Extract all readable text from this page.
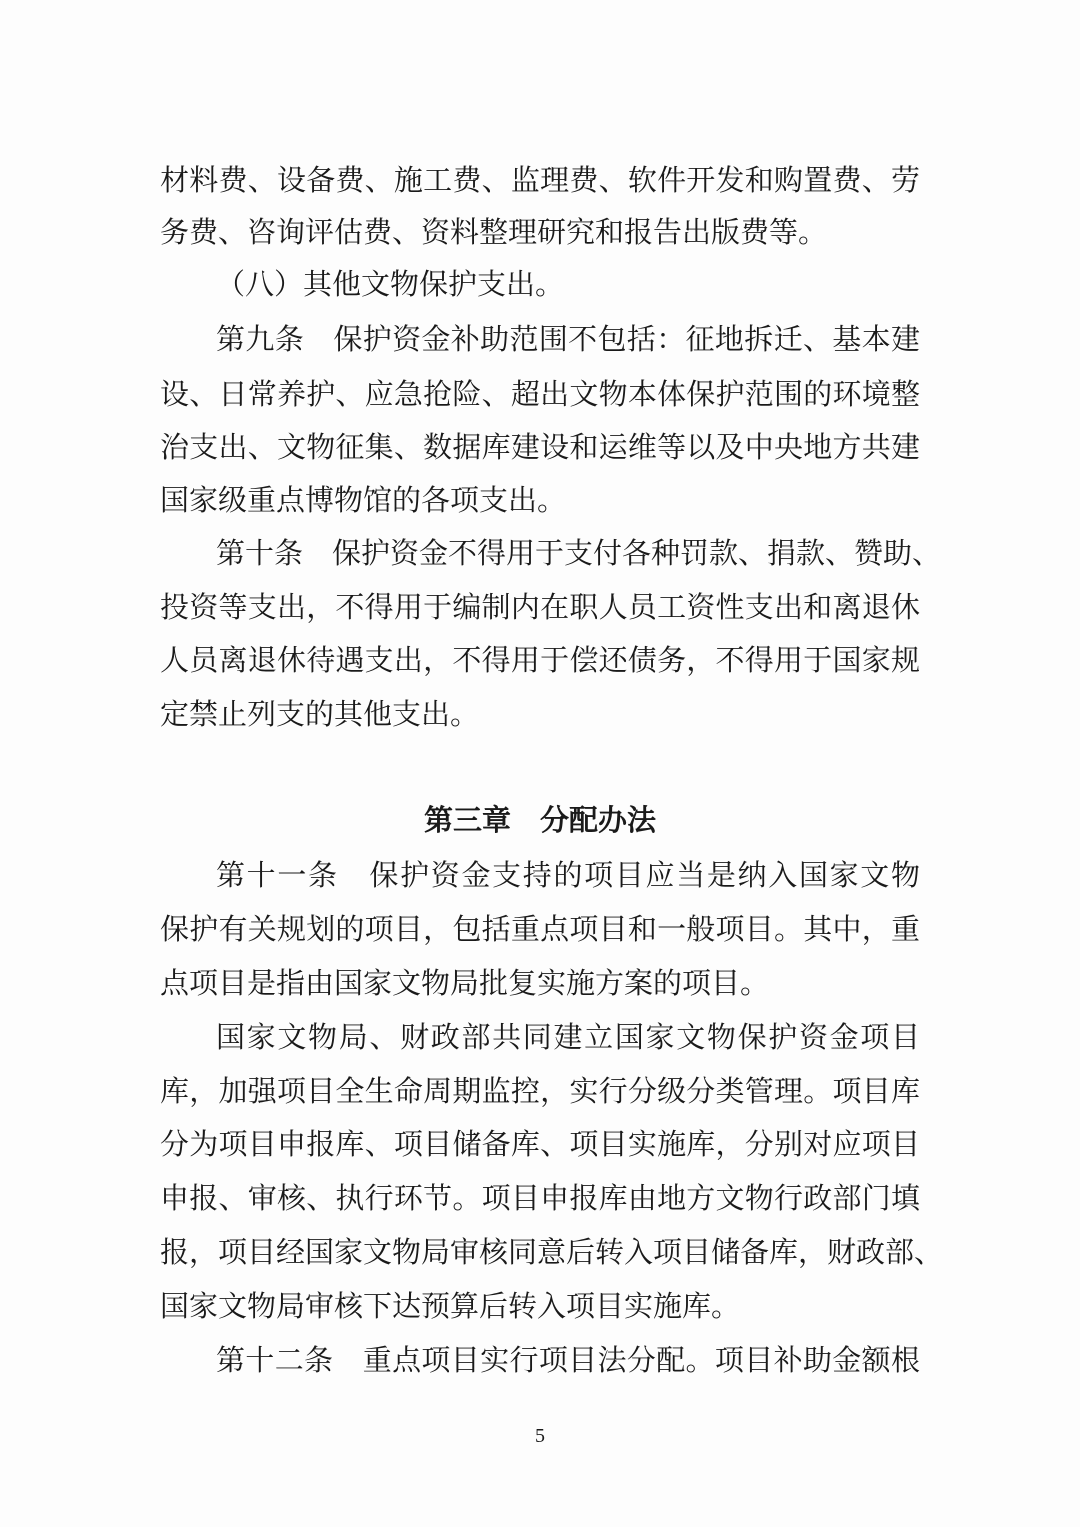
材料费、设备费、施工费、监理费、软件开发和购置费、劳
务费、咨询评估费、资料整理研究和报告出版费等。
（八）其他文物保护支出。
第九条　保护资金补助范围不包括：征地拆迁、基本建
设、日常养护、应急抢险、超出文物本体保护范围的环境整
治支出、文物征集、数据库建设和运维等以及中央地方共建
国家级重点博物馆的各项支出。
第十条　保护资金不得用于支付各种罚款、捐款、赞助、
投资等支出，不得用于编制内在职人员工资性支出和离退休
人员离退休待遇支出，不得用于偿还债务，不得用于国家规
定禁止列支的其他支出。
第三章　分配办法
第十一条　保护资金支持的项目应当是纳入国家文物
保护有关规划的项目，包括重点项目和一般项目。其中，重
点项目是指由国家文物局批复实施方案的项目。
国家文物局、财政部共同建立国家文物保护资金项目
库，加强项目全生命周期监控，实行分级分类管理。项目库
分为项目申报库、项目储备库、项目实施库，分别对应项目
申报、审核、执行环节。项目申报库由地方文物行政部门填
报，项目经国家文物局审核同意后转入项目储备库，财政部、
国家文物局审核下达预算后转入项目实施库。
第十二条　重点项目实行项目法分配。项目补助金额根
5
